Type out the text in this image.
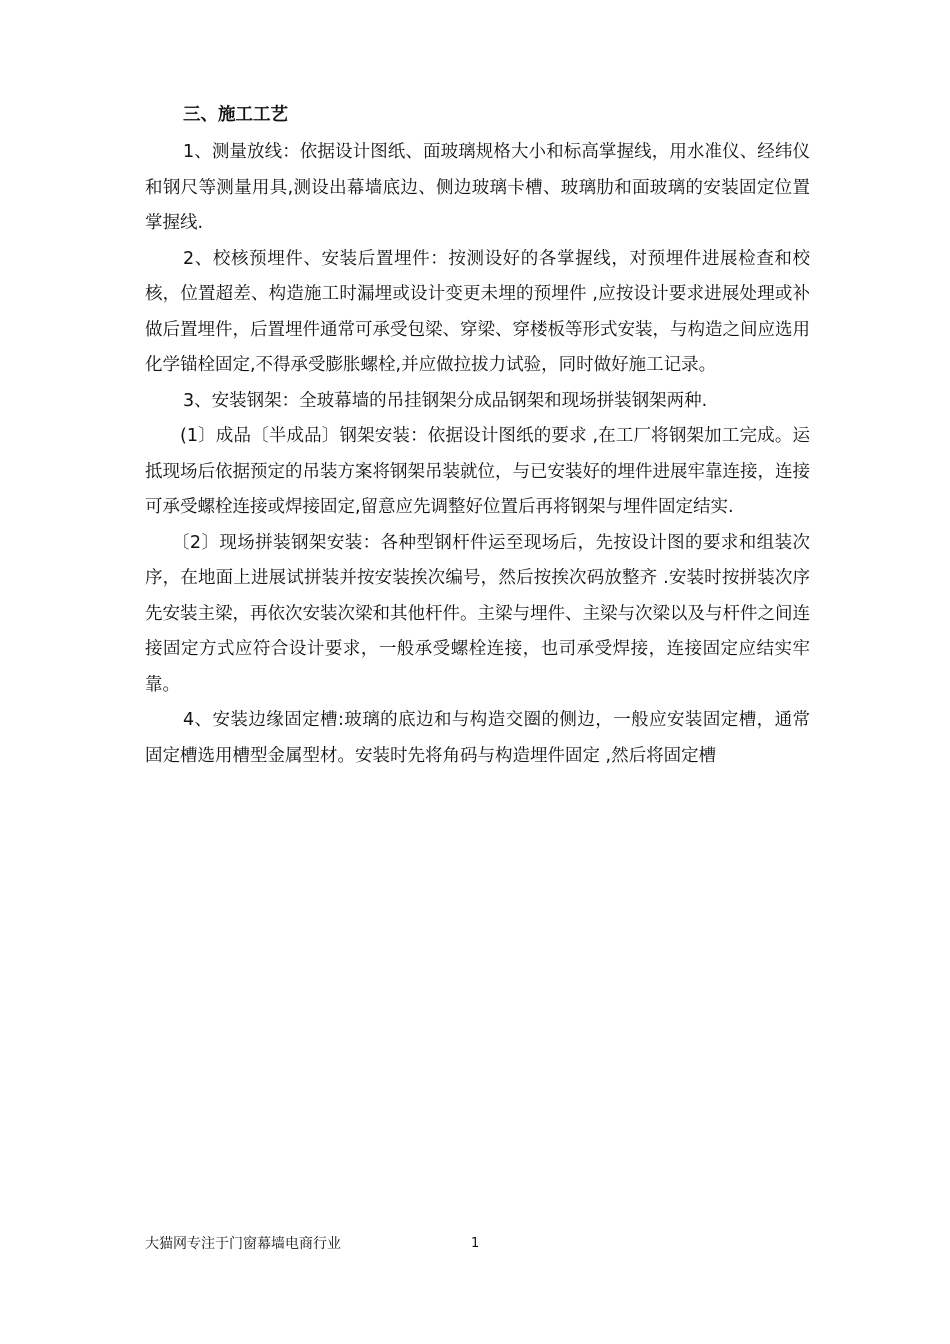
三、施工工艺

1、测量放线：依据设计图纸、面玻璃规格大小和标高掌握线，用水准仪、经纬仪和钢尺等测量用具,测设出幕墙底边、侧边玻璃卡槽、玻璃肋和面玻璃的安装固定位置掌握线.

2、校核预埋件、安装后置埋件：按测设好的各掌握线，对预埋件进展检查和校核，位置超差、构造施工时漏埋或设计变更未埋的预埋件 ,应按设计要求进展处理或补做后置埋件，后置埋件通常可承受包梁、穿梁、穿楼板等形式安装，与构造之间应选用化学锚栓固定,不得承受膨胀螺栓,并应做拉拔力试验，同时做好施工记录。

3、安装钢架：全玻幕墙的吊挂钢架分成品钢架和现场拼装钢架两种.

(1〕成品〔半成品〕钢架安装：依据设计图纸的要求 ,在工厂将钢架加工完成。运抵现场后依据预定的吊装方案将钢架吊装就位，与已安装好的埋件进展牢靠连接，连接可承受螺栓连接或焊接固定,留意应先调整好位置后再将钢架与埋件固定结实.

〔2〕现场拼装钢架安装：各种型钢杆件运至现场后，先按设计图的要求和组装次序，在地面上进展试拼装并按安装挨次编号，然后按挨次码放整齐 .安装时按拼装次序先安装主梁，再依次安装次梁和其他杆件。主梁与埋件、主梁与次梁以及与杆件之间连接固定方式应符合设计要求，一般承受螺栓连接，也司承受焊接，连接固定应结实牢靠。

4、安装边缘固定槽:玻璃的底边和与构造交圈的侧边，一般应安装固定槽，通常固定槽选用槽型金属型材。安装时先将角码与构造埋件固定 ,然后将固定槽

大猫网专注于门窗幕墙电商行业	1
